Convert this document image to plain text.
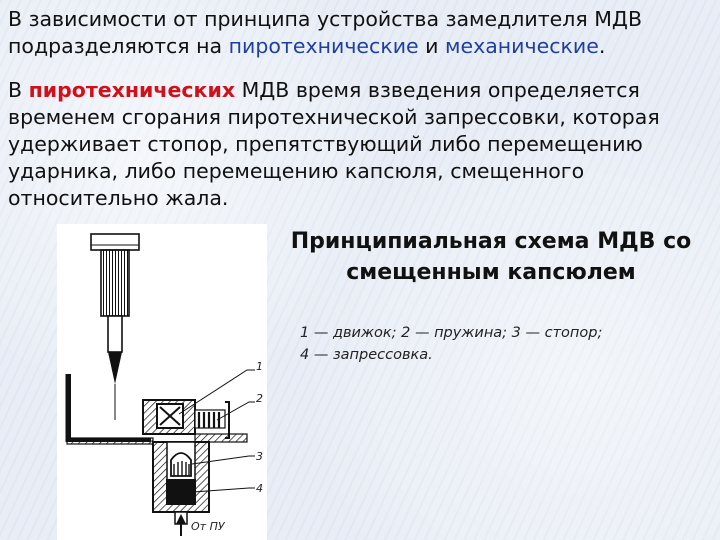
В зависимости от принципа устройства замедлителя МДВ подразделяются на пиротехнические и механические.

В пиротехнических МДВ время взведения определяется временем сгорания пиротехнической запрессовки, которая удерживает стопор, препятствующий либо перемещению ударника, либо перемещению капсюля, смещенного относительно жала.

1
2
3
4
От ПУ
Принципиальная схема МДВ со смещенным капсюлем
1 — движок; 2 — пружина; 3 — стопор;
4 — запрессовка.
